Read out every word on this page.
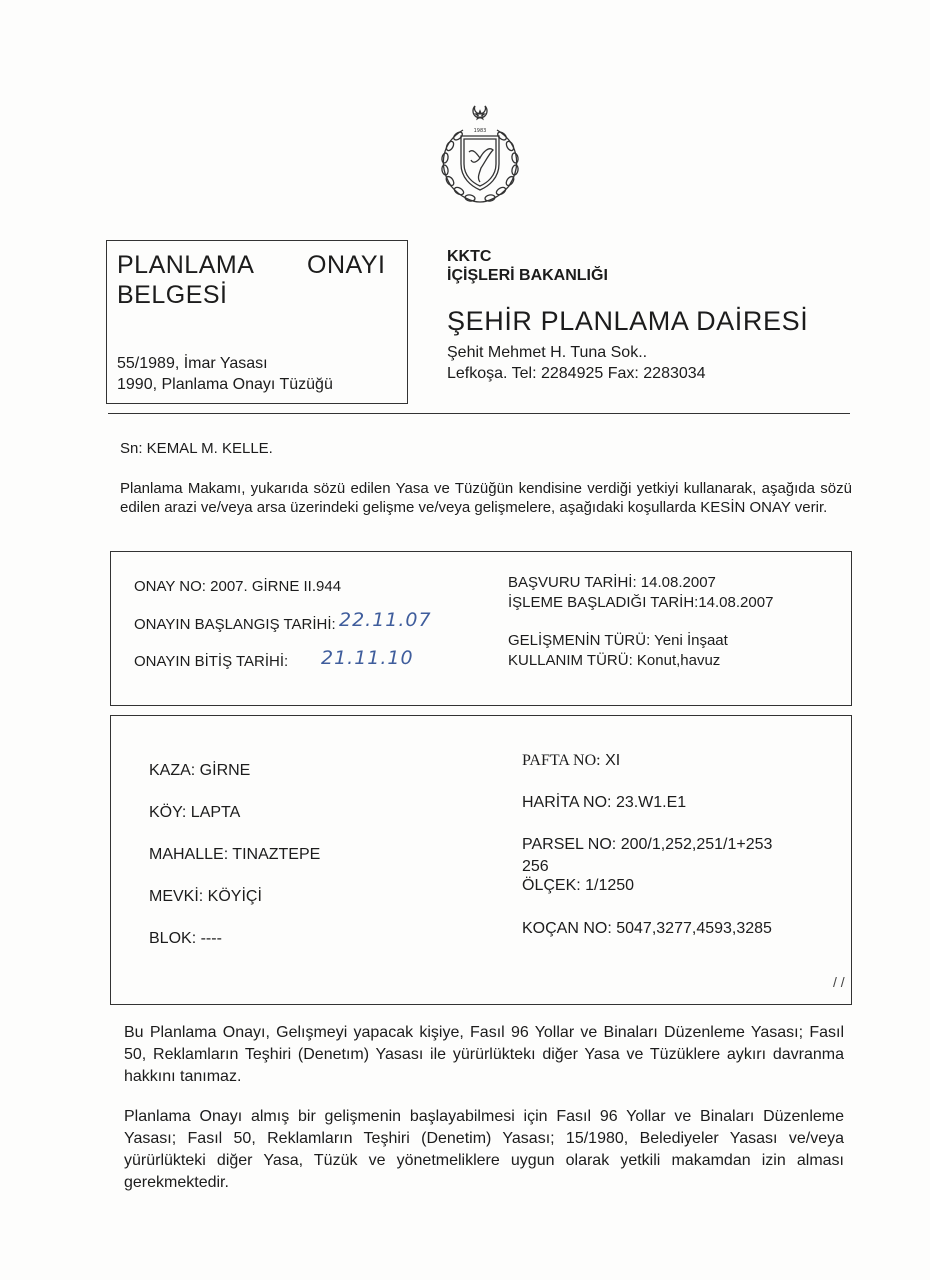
1983
PLANLAMA ONAYI
BELGESİ
55/1989, İmar Yasası
1990, Planlama Onayı Tüzüğü
KKTC
İÇİŞLERİ BAKANLIĞI
ŞEHİR PLANLAMA DAİRESİ
Şehit Mehmet H. Tuna Sok..
Lefkoşa. Tel: 2284925 Fax: 2283034
Sn: KEMAL M. KELLE.
Planlama Makamı, yukarıda sözü edilen Yasa ve Tüzüğün kendisine verdiği yetkiyi kullanarak, aşağıda sözü edilen arazi ve/veya arsa üzerindeki gelişme ve/veya gelişmelere, aşağıdaki koşullarda KESİN ONAY verir.
ONAY NO: 2007. GİRNE II.944
ONAYIN BAŞLANGIŞ TARİHİ: 22.11.07
ONAYIN BİTİŞ TARİHİ: 21.11.10
BAŞVURU TARİHİ: 14.08.2007
İŞLEME BAŞLADIĞI TARİH:14.08.2007
GELİŞMENİN TÜRÜ: Yeni İnşaat
KULLANIM TÜRÜ: Konut,havuz
KAZA: GİRNE
KÖY: LAPTA
MAHALLE: TINAZTEPE
MEVKİ: KÖYİÇİ
BLOK: ----
PAFTA NO: XI
HARİTA NO: 23.W1.E1
PARSEL NO: 200/1,252,251/1+253
256
ÖLÇEK: 1/1250
KOÇAN NO: 5047,3277,4593,3285
/ /
Bu Planlama Onayı, Gelışmeyi yapacak kişiye, Fasıl 96 Yollar ve Binaları Düzenleme Yasası; Fasıl 50, Reklamların Teşhiri (Denetım) Yasası ile yürürlüktekı diğer Yasa ve Tüzüklere aykırı davranma hakkını tanımaz.
Planlama Onayı almış bir gelişmenin başlayabilmesi için Fasıl 96 Yollar ve Binaları Düzenleme Yasası; Fasıl 50, Reklamların Teşhiri (Denetim) Yasası; 15/1980, Belediyeler Yasası ve/veya yürürlükteki diğer Yasa, Tüzük ve yönetmeliklere uygun olarak yetkili makamdan izin alması gerekmektedir.
